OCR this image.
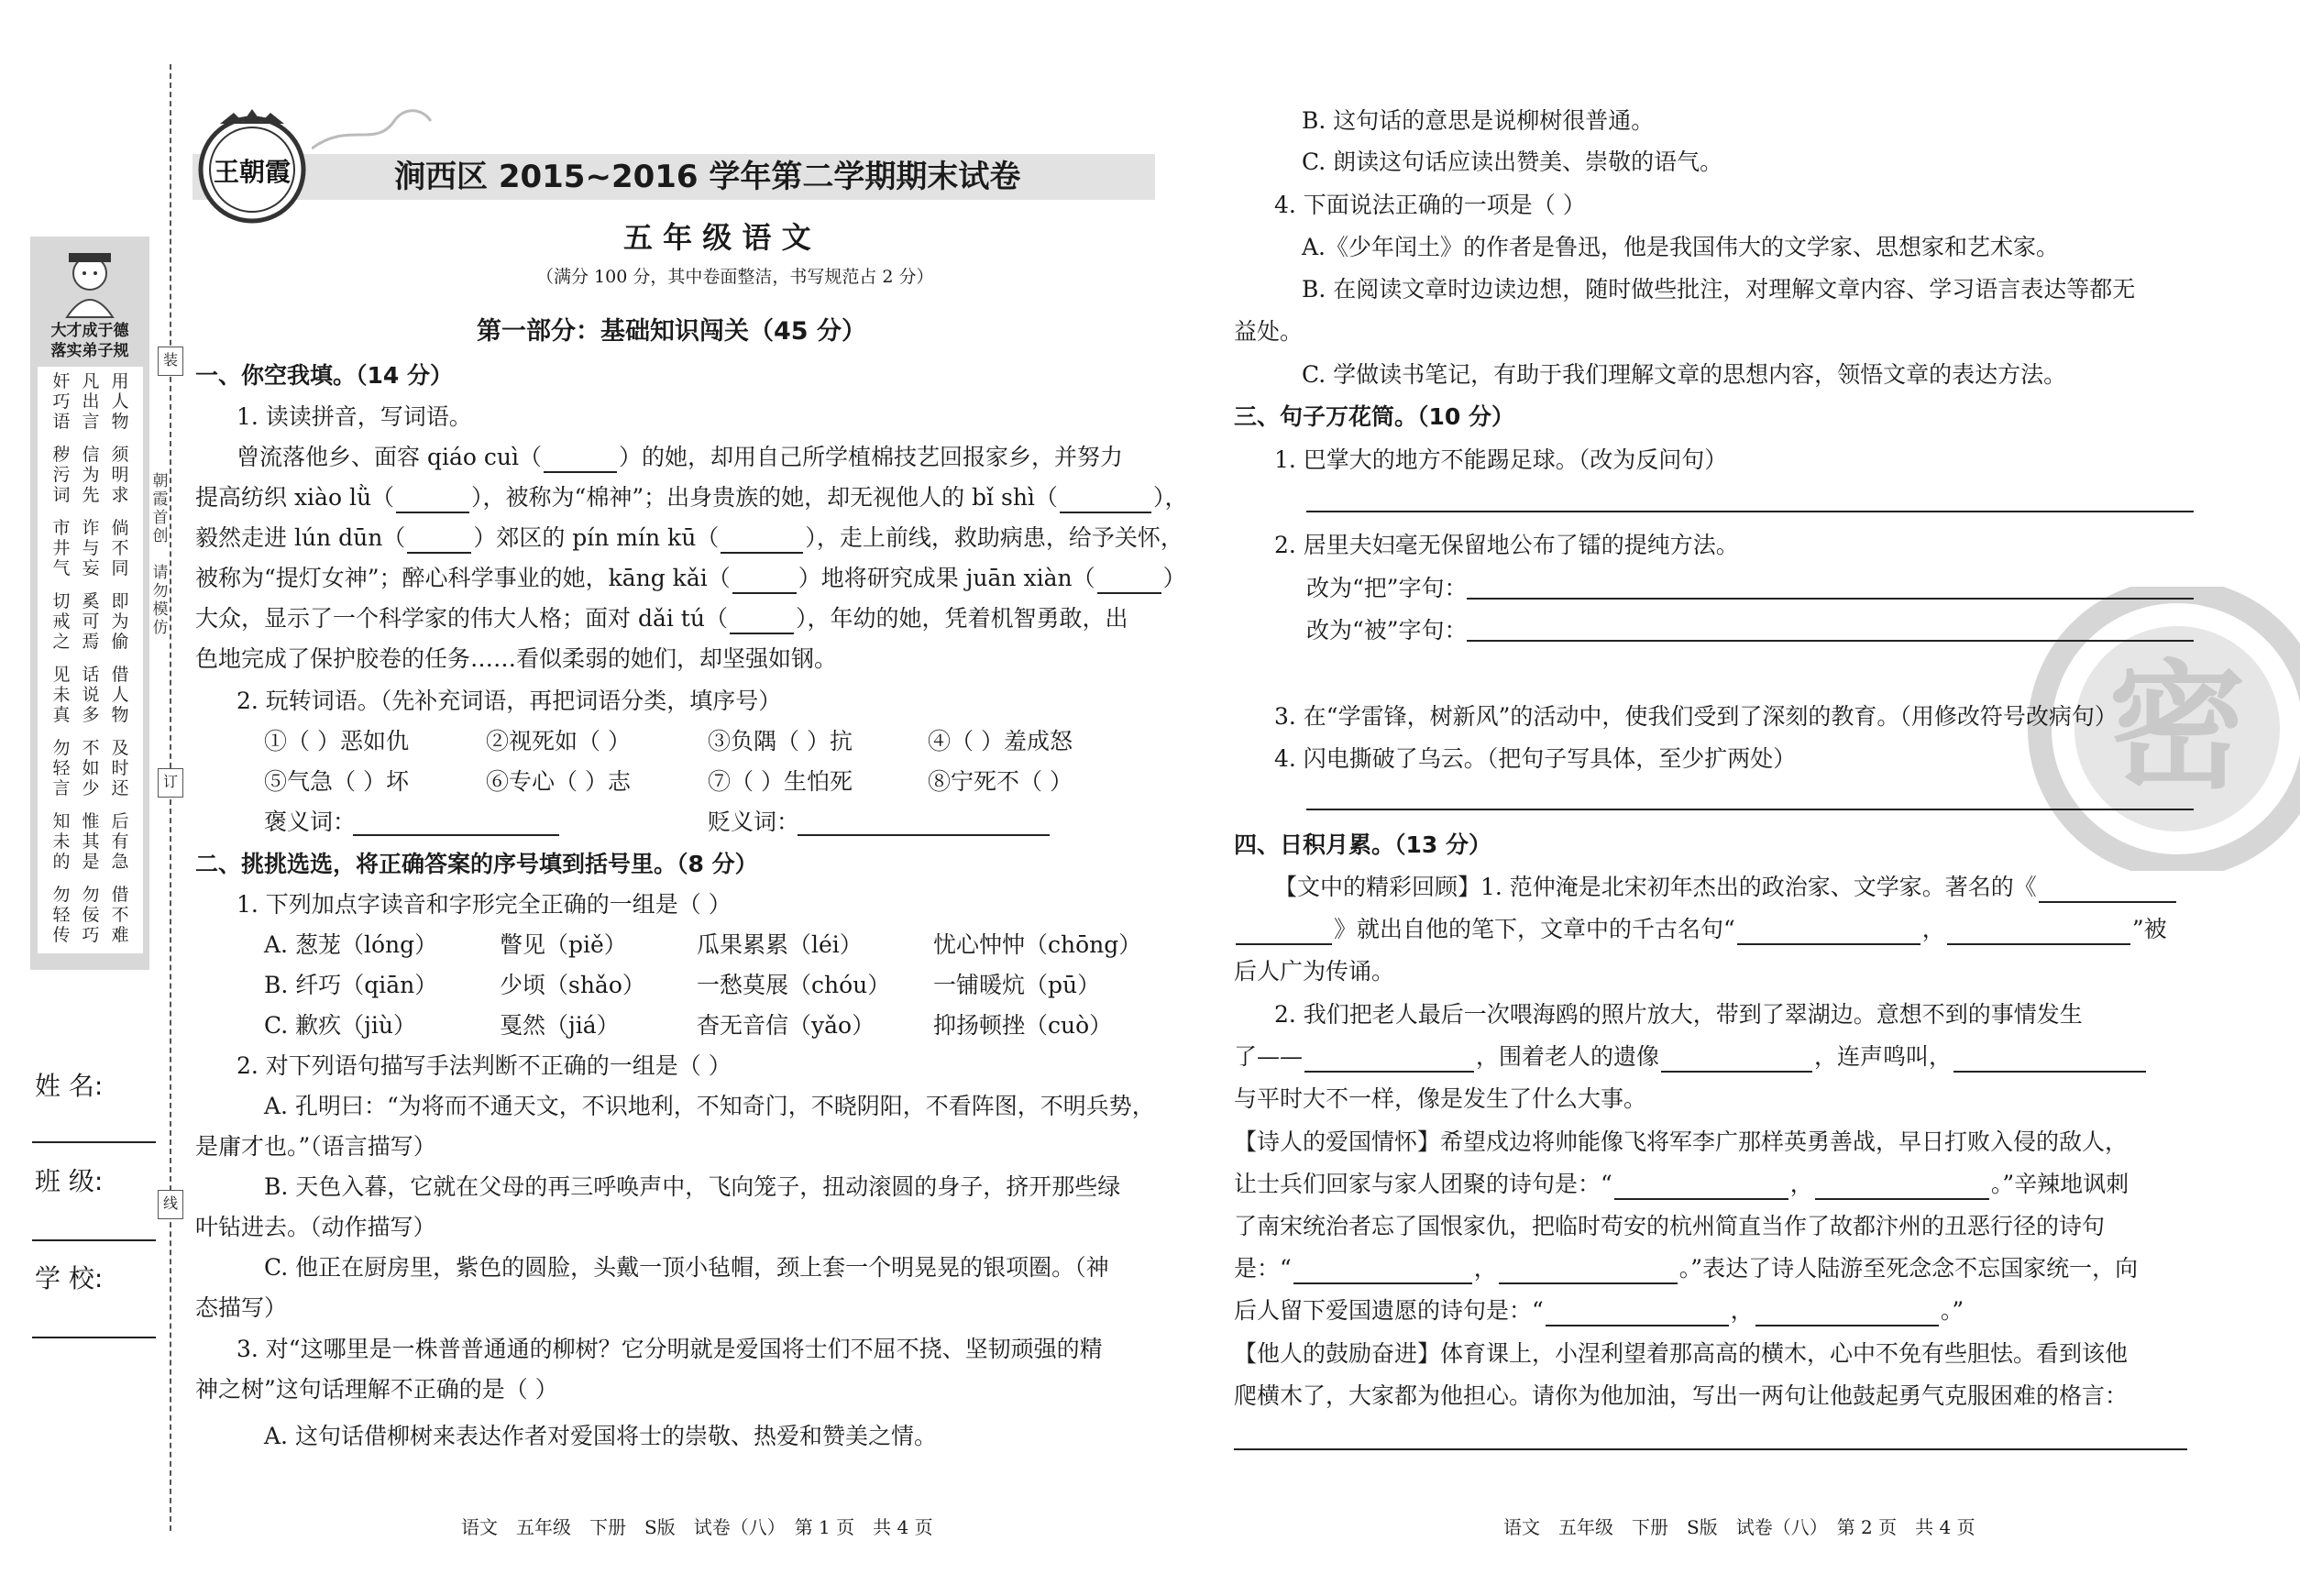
大才成于德
落实弟子规
用人物
凡出言
奸巧语
须明求
信为先
秽污词
倘不同
诈与妄
市井气
即为偷
奚可焉
切戒之
借人物
话说多
见未真
及时还
不如少
勿轻言
后有急
惟其是
知未的
借不难
勿佞巧
勿轻传
姓 名:
班 级:
学 校:
装
订
线
朝霞首创
请勿模仿
王朝霞	涧西区 2015~2016 学年第二学期期末试卷
五 年 级 语 文
（满分 100 分，其中卷面整洁，书写规范占 2 分）
第一部分：基础知识闯关（45 分）
一、你空我填。（14 分）
1. 读读拼音，写词语。
曾流落他乡、面容 qiáo cuì（	）的她，却用自己所学植棉技艺回报家乡，并努力
提高纺织 xiào lǜ（	），被称为“棉神”；出身贵族的她，却无视他人的 bǐ shì（	），
毅然走进 lún dūn（	）郊区的 pín mín kū（	），走上前线，救助病患，给予关怀，
被称为“提灯女神”；醉心科学事业的她，kāng kǎi（	）地将研究成果 juān xiàn（	）
大众，显示了一个科学家的伟大人格；面对 dǎi tú（	），年幼的她，凭着机智勇敢，出
色地完成了保护胶卷的任务……看似柔弱的她们，却坚强如钢。
2. 玩转词语。（先补充词语，再把词语分类，填序号）
①（ ）恶如仇	②视死如（ ）	③负隅（ ）抗	④（ ）羞成怒
⑤气急（ ）坏	⑥专心（ ）志	⑦（ ）生怕死	⑧宁死不（ ）
褒义词：	贬义词：
二、挑挑选选，将正确答案的序号填到括号里。（8 分）
1. 下列加点字读音和字形完全正确的一组是（ ）
A. 葱茏（lóng）	瞥见（piě）	瓜果累累（léi）	忧心忡忡（chōng）
B. 纤巧（qiān）	少顷（shǎo） 一愁莫展（chóu） 一铺暖炕（pū）
C. 歉疚（jiù）	戛然（jiá）	杳无音信（yǎo）	抑扬顿挫（cuò）
2. 对下列语句描写手法判断不正确的一组是（ ）
A. 孔明曰：“为将而不通天文，不识地利，不知奇门，不晓阴阳，不看阵图，不明兵势，
是庸才也。”（语言描写）
B. 天色入暮，它就在父母的再三呼唤声中，飞向笼子，扭动滚圆的身子，挤开那些绿
叶钻进去。（动作描写）
C. 他正在厨房里，紫色的圆脸，头戴一顶小毡帽，颈上套一个明晃晃的银项圈。（神
态描写）
3. 对“这哪里是一株普普通通的柳树？它分明就是爱国将士们不屈不挠、坚韧顽强的精
神之树”这句话理解不正确的是（ ）
A. 这句话借柳树来表达作者对爱国将士的崇敬、热爱和赞美之情。
语文　五年级　下册　S版　试卷（八）　第 1 页　共 4 页
密
B. 这句话的意思是说柳树很普通。
C. 朗读这句话应读出赞美、崇敬的语气。
4. 下面说法正确的一项是（ ）
A.《少年闰土》的作者是鲁迅，他是我国伟大的文学家、思想家和艺术家。
B. 在阅读文章时边读边想，随时做些批注，对理解文章内容、学习语言表达等都无
益处。
C. 学做读书笔记，有助于我们理解文章的思想内容，领悟文章的表达方法。
三、句子万花筒。（10 分）
1. 巴掌大的地方不能踢足球。（改为反问句）
2. 居里夫妇毫无保留地公布了镭的提纯方法。
改为“把”字句：
改为“被”字句：
3. 在“学雷锋，树新风”的活动中，使我们受到了深刻的教育。（用修改符号改病句）
4. 闪电撕破了乌云。（把句子写具体，至少扩两处）
四、日积月累。（13 分）
【文中的精彩回顾】1. 范仲淹是北宋初年杰出的政治家、文学家。著名的《
》就出自他的笔下，文章中的千古名句“	，	”被
后人广为传诵。
2. 我们把老人最后一次喂海鸥的照片放大，带到了翠湖边。意想不到的事情发生
了——	，围着老人的遗像	，连声鸣叫，
与平时大不一样，像是发生了什么大事。
【诗人的爱国情怀】希望戍边将帅能像飞将军李广那样英勇善战，早日打败入侵的敌人，
让士兵们回家与家人团聚的诗句是：“	，	。”辛辣地讽刺
了南宋统治者忘了国恨家仇，把临时苟安的杭州简直当作了故都汴州的丑恶行径的诗句
是：“	，	。”表达了诗人陆游至死念念不忘国家统一，向
后人留下爱国遗愿的诗句是：“	，	。”
【他人的鼓励奋进】体育课上，小涅利望着那高高的横木，心中不免有些胆怯。看到该他
爬横木了，大家都为他担心。请你为他加油，写出一两句让他鼓起勇气克服困难的格言：
语文　五年级　下册　S版　试卷（八）　第 2 页　共 4 页
